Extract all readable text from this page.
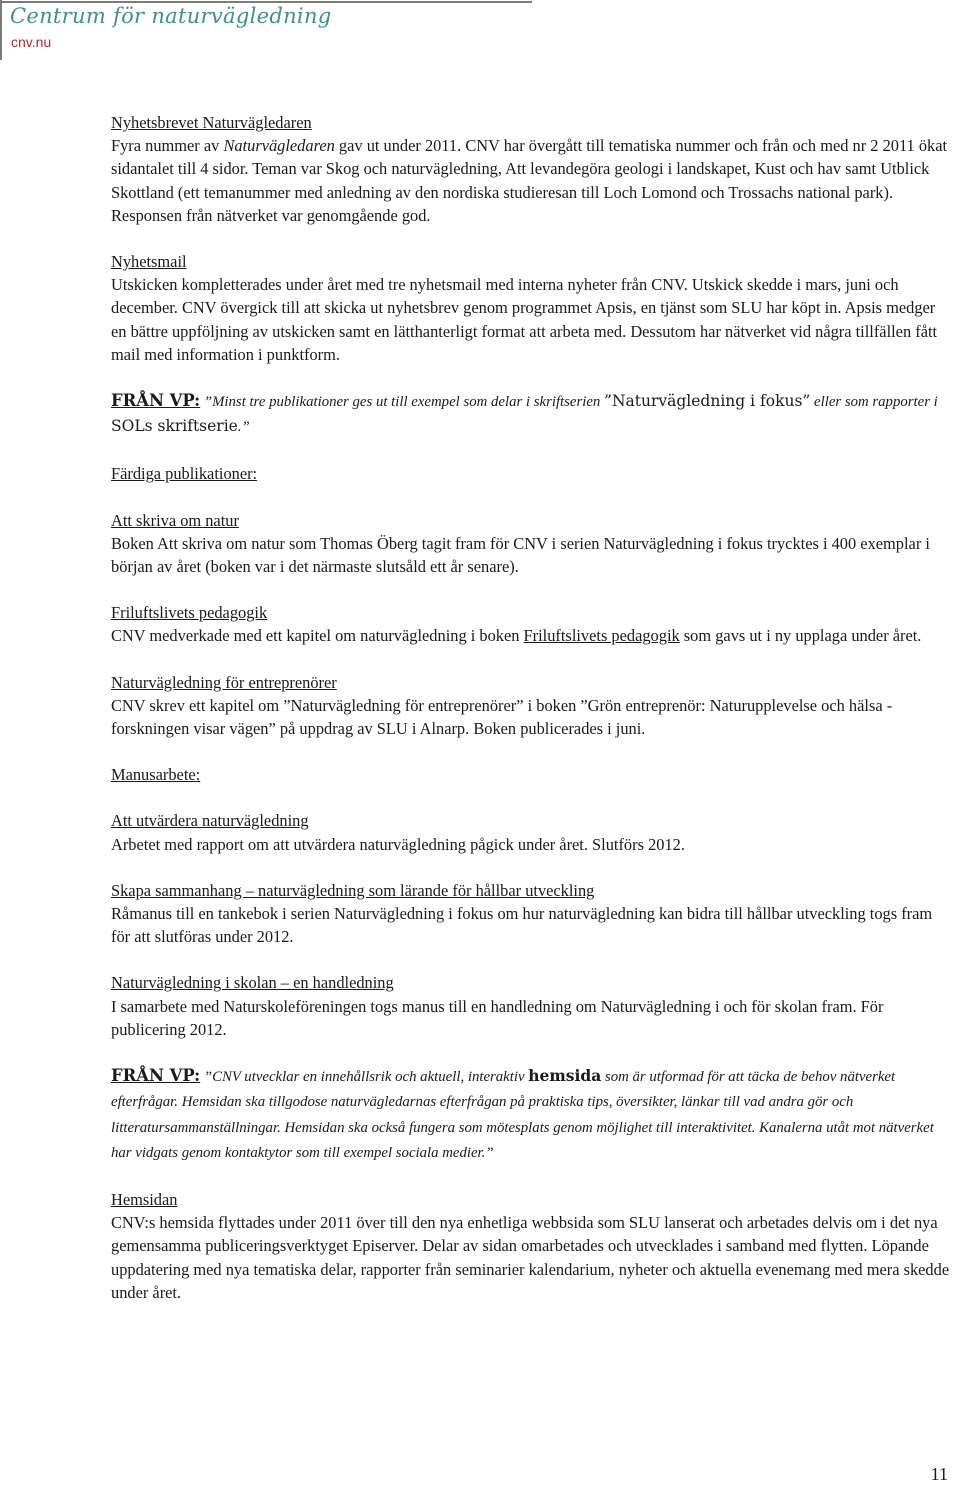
Centrum för naturvägledning
cnv.nu

Nyhetsbrevet Naturvägledaren

Fyra nummer av Naturvägledaren gav ut under 2011. CNV har övergått till tematiska nummer och från och med nr 2 2011 ökat sidantalet till 4 sidor. Teman var Skog och naturvägledning, Att levandegöra geologi i landskapet, Kust och hav samt Utblick Skottland (ett temanummer med anledning av den nordiska studieresan till Loch Lomond och Trossachs national park). Responsen från nätverket var genomgående god.

Nyhetsmail

Utskicken kompletterades under året med tre nyhetsmail med interna nyheter från CNV. Utskick skedde i mars, juni och december. CNV övergick till att skicka ut nyhetsbrev genom programmet Apsis, en tjänst som SLU har köpt in. Apsis medger en bättre uppföljning av utskicken samt en lätthanterligt format att arbeta med. Dessutom har nätverket vid några tillfällen fått mail med information i punktform.

FRÅN VP: ”Minst tre publikationer ges ut till exempel som delar i skriftserien ”Naturvägledning i fokus” eller som rapporter i SOLs skriftserie.”

Färdiga publikationer:

Att skriva om natur

Boken Att skriva om natur som Thomas Öberg tagit fram för CNV i serien Naturvägledning i fokus trycktes i 400 exemplar i början av året (boken var i det närmaste slutsåld ett år senare).

Friluftslivets pedagogik

CNV medverkade med ett kapitel om naturvägledning i boken Friluftslivets pedagogik som gavs ut i ny upplaga under året.

Naturvägledning för entreprenörer

CNV skrev ett kapitel om ”Naturvägledning för entreprenörer” i boken ”Grön entreprenör: Naturupplevelse och hälsa - forskningen visar vägen” på uppdrag av SLU i Alnarp. Boken publicerades i juni.

Manusarbete:

Att utvärdera naturvägledning

Arbetet med rapport om att utvärdera naturvägledning pågick under året. Slutförs 2012.

Skapa sammanhang – naturvägledning som lärande för hållbar utveckling

Råmanus till en tankebok i serien Naturvägledning i fokus om hur naturvägledning kan bidra till hållbar utveckling togs fram för att slutföras under 2012.

Naturvägledning i skolan – en handledning

I samarbete med Naturskoleföreningen togs manus till en handledning om Naturvägledning i och för skolan fram. För publicering 2012.

FRÅN VP: ”CNV utvecklar en innehållsrik och aktuell, interaktiv hemsida som är utformad för att täcka de behov nätverket efterfrågar. Hemsidan ska tillgodose naturvägledarnas efterfrågan på praktiska tips, översikter, länkar till vad andra gör och litteratursammanställningar. Hemsidan ska också fungera som mötesplats genom möjlighet till interaktivitet. Kanalerna utåt mot nätverket har vidgats genom kontaktytor som till exempel sociala medier.”

Hemsidan

CNV:s hemsida flyttades under 2011 över till den nya enhetliga webbsida som SLU lanserat och arbetades delvis om i det nya gemensamma publiceringsverktyget Episerver. Delar av sidan omarbetades och utvecklades i samband med flytten. Löpande uppdatering med nya tematiska delar, rapporter från seminarier kalendarium, nyheter och aktuella evenemang med mera skedde under året.

11
